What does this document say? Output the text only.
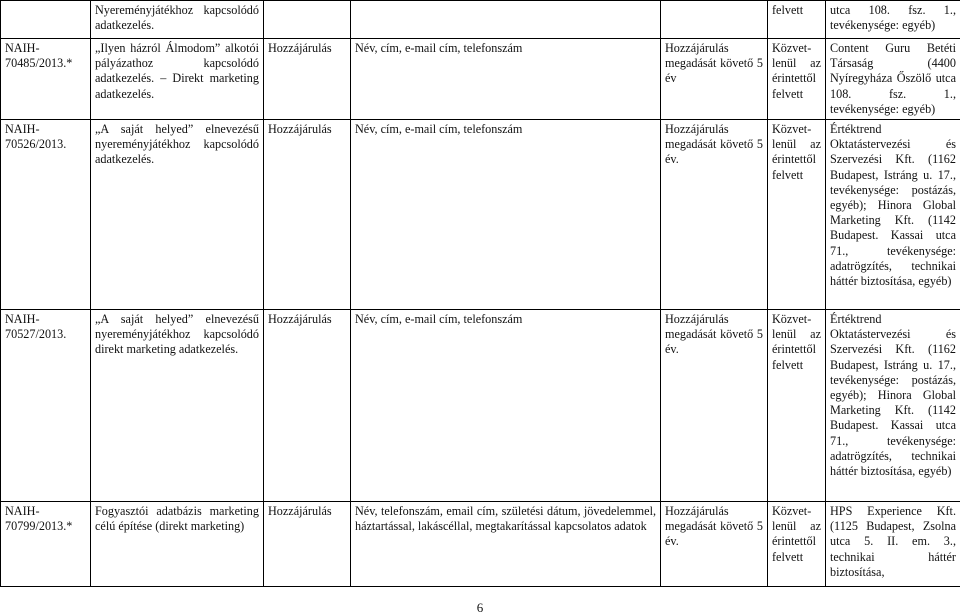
	Nyereményjátékhoz kapcsolódó adatkezelés.				felvett	utca 108. fsz. 1., tevékenysége: egyéb)
NAIH-70485/2013.*	„Ilyen házról Álmodom” alkotói pályázathoz kapcsolódó adatkezelés. – Direkt marketing adatkezelés.	Hozzájárulás	Név, cím, e-mail cím, telefonszám	Hozzájárulás megadását követő 5 év	Közvet-lenül az érintettől felvett	Content Guru Betéti Társaság (4400 Nyíregyháza Őszölő utca 108. fsz. 1., tevékenysége: egyéb)
NAIH-70526/2013.	„A saját helyed” elnevezésű nyereményjátékhoz kapcsolódó adatkezelés.	Hozzájárulás	Név, cím, e-mail cím, telefonszám	Hozzájárulás megadását követő 5 év.	Közvet-lenül az érintettől felvett	Értéktrend Oktatástervezési és Szervezési Kft. (1162 Budapest, Istráng u. 17., tevékenysége: postázás, egyéb); Hinora Global Marketing Kft. (1142 Budapest. Kassai utca 71., tevékenysége: adatrögzítés, technikai háttér biztosítása, egyéb)
NAIH-70527/2013.	„A saját helyed” elnevezésű nyereményjátékhoz kapcsolódó direkt marketing adatkezelés.	Hozzájárulás	Név, cím, e-mail cím, telefonszám	Hozzájárulás megadását követő 5 év.	Közvet-lenül az érintettől felvett	Értéktrend Oktatástervezési és Szervezési Kft. (1162 Budapest, Istráng u. 17., tevékenysége: postázás, egyéb); Hinora Global Marketing Kft. (1142 Budapest. Kassai utca 71., tevékenysége: adatrögzítés, technikai háttér biztosítása, egyéb)
NAIH-70799/2013.*	Fogyasztói adatbázis marketing célú építése (direkt marketing)	Hozzájárulás	Név, telefonszám, email cím, születési dátum, jövedelemmel, háztartással, lakáscéllal, megtakarítással kapcsolatos adatok	Hozzájárulás megadását követő 5 év.	Közvet-lenül az érintettől felvett	HPS Experience Kft. (1125 Budapest, Zsolna utca 5. II. em. 3., technikai háttér biztosítása,
6
